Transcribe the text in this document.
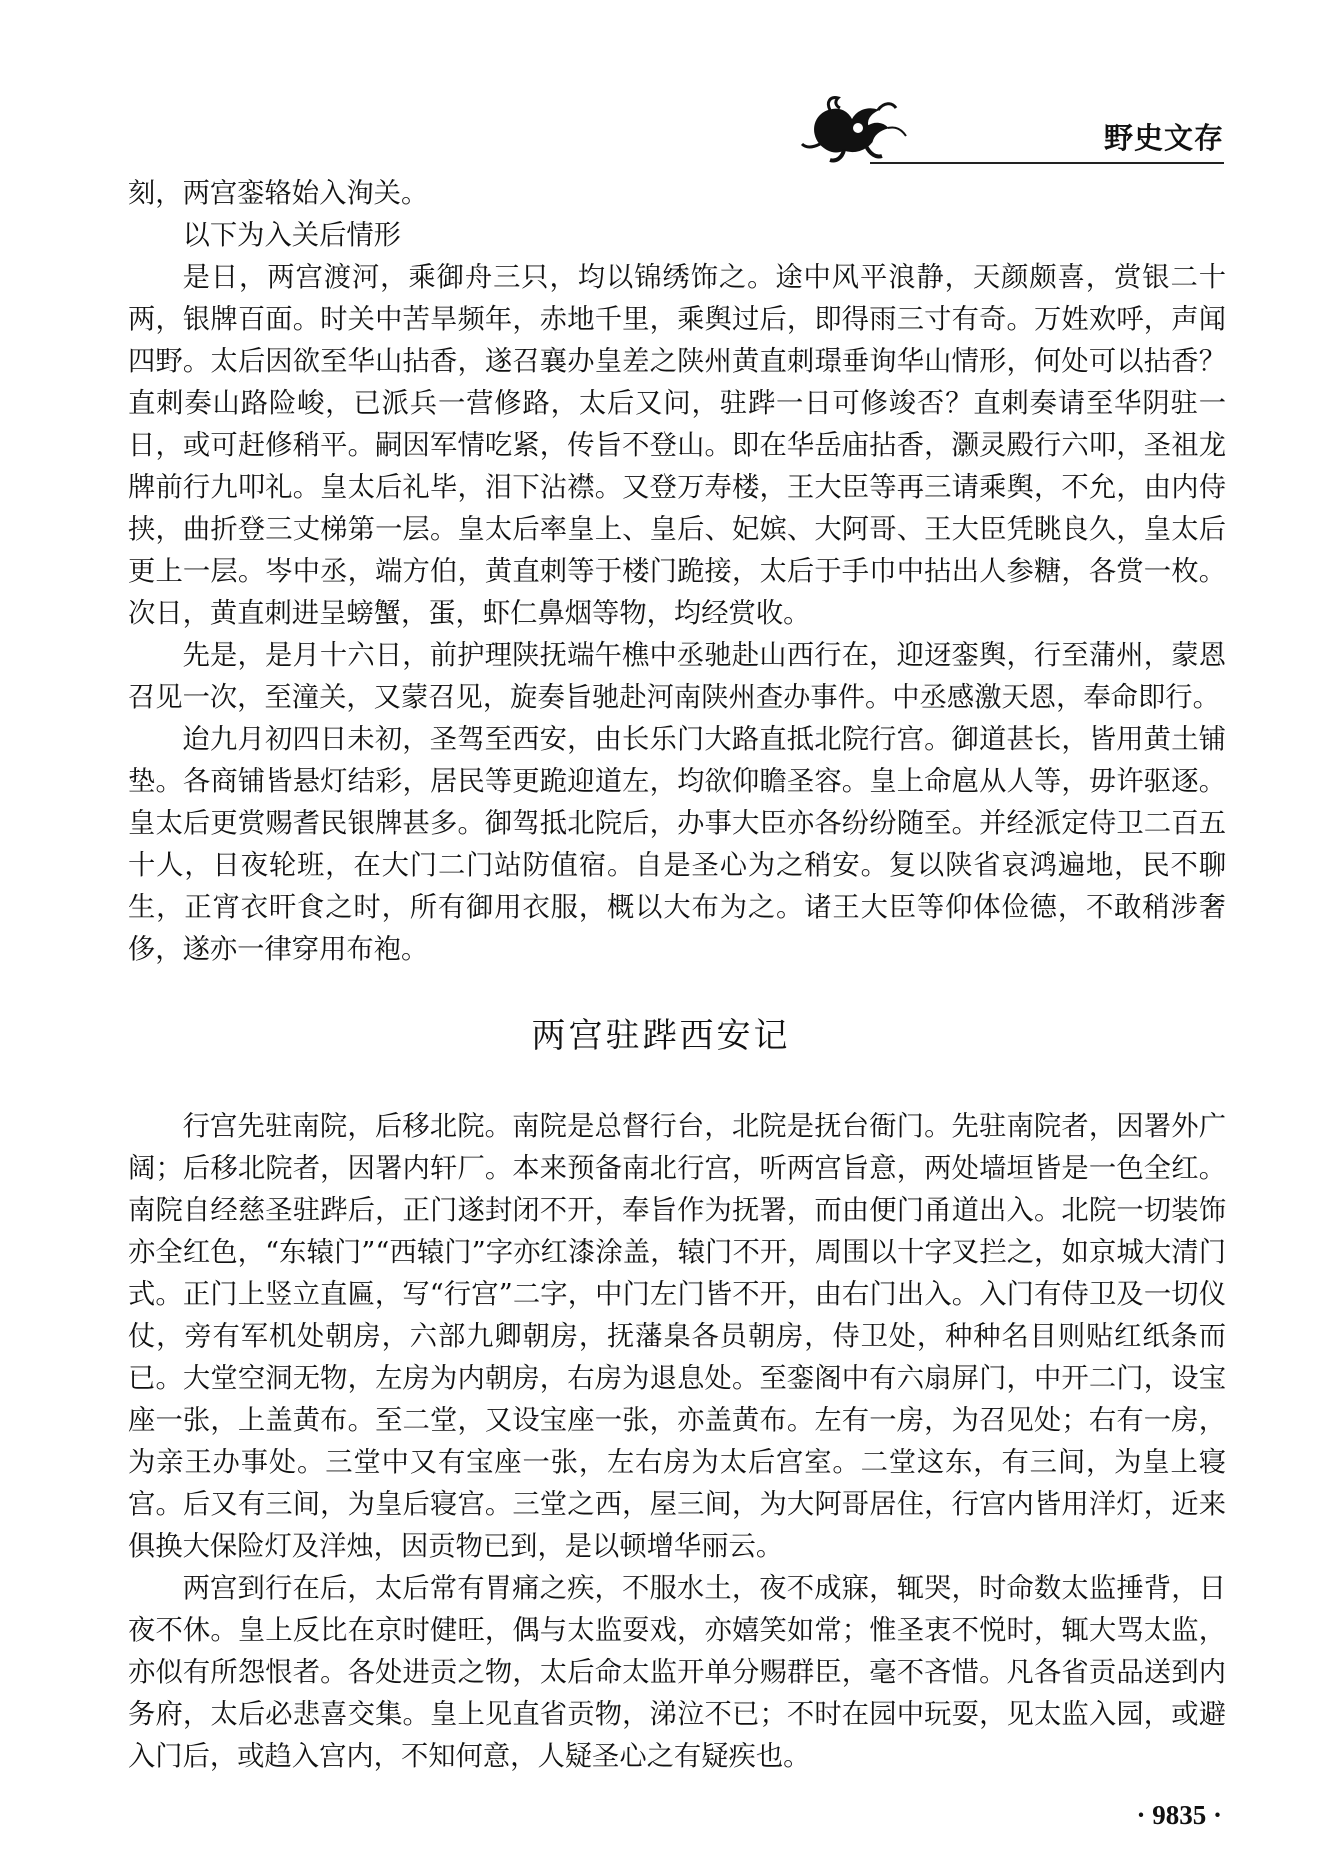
野史文存

刻，两宫銮辂始入洵关。

以下为入关后情形

是日，两宫渡河，乘御舟三只，均以锦绣饰之。途中风平浪静，天颜颇喜，赏银二十两，银牌百面。时关中苦旱频年，赤地千里，乘舆过后，即得雨三寸有奇。万姓欢呼，声闻四野。太后因欲至华山拈香，遂召襄办皇差之陕州黄直刺璟垂询华山情形，何处可以拈香？直刺奏山路险峻，已派兵一营修路，太后又问，驻跸一日可修竣否？直刺奏请至华阴驻一日，或可赶修稍平。嗣因军情吃紧，传旨不登山。即在华岳庙拈香，灏灵殿行六叩，圣祖龙牌前行九叩礼。皇太后礼毕，泪下沾襟。又登万寿楼，王大臣等再三请乘舆，不允，由内侍挟，曲折登三丈梯第一层。皇太后率皇上、皇后、妃嫔、大阿哥、王大臣凭眺良久，皇太后更上一层。岑中丞，端方伯，黄直刺等于楼门跪接，太后于手巾中拈出人参糖，各赏一枚。次日，黄直刺进呈螃蟹，蛋，虾仁鼻烟等物，均经赏收。

先是，是月十六日，前护理陕抚端午樵中丞驰赴山西行在，迎迓銮舆，行至蒲州，蒙恩召见一次，至潼关，又蒙召见，旋奏旨驰赴河南陕州查办事件。中丞感激天恩，奉命即行。

迨九月初四日未初，圣驾至西安，由长乐门大路直抵北院行宫。御道甚长，皆用黄土铺垫。各商铺皆悬灯结彩，居民等更跪迎道左，均欲仰瞻圣容。皇上命扈从人等，毋许驱逐。皇太后更赏赐耆民银牌甚多。御驾抵北院后，办事大臣亦各纷纷随至。并经派定侍卫二百五十人，日夜轮班，在大门二门站防值宿。自是圣心为之稍安。复以陕省哀鸿遍地，民不聊生，正宵衣旰食之时，所有御用衣服，概以大布为之。诸王大臣等仰体俭德，不敢稍涉奢侈，遂亦一律穿用布袍。

两宫驻跸西安记

行宫先驻南院，后移北院。南院是总督行台，北院是抚台衙门。先驻南院者，因署外广阔；后移北院者，因署内轩厂。本来预备南北行宫，听两宫旨意，两处墙垣皆是一色全红。南院自经慈圣驻跸后，正门遂封闭不开，奉旨作为抚署，而由便门甬道出入。北院一切装饰亦全红色，“东辕门”“西辕门”字亦红漆涂盖，辕门不开，周围以十字叉拦之，如京城大清门式。正门上竖立直匾，写“行宫”二字，中门左门皆不开，由右门出入。入门有侍卫及一切仪仗，旁有军机处朝房，六部九卿朝房，抚藩臬各员朝房，侍卫处，种种名目则贴红纸条而已。大堂空洞无物，左房为内朝房，右房为退息处。至銮阁中有六扇屏门，中开二门，设宝座一张，上盖黄布。至二堂，又设宝座一张，亦盖黄布。左有一房，为召见处；右有一房，为亲王办事处。三堂中又有宝座一张，左右房为太后宫室。二堂这东，有三间，为皇上寝宫。后又有三间，为皇后寝宫。三堂之西，屋三间，为大阿哥居住，行宫内皆用洋灯，近来俱换大保险灯及洋烛，因贡物已到，是以顿增华丽云。

两宫到行在后，太后常有胃痛之疾，不服水土，夜不成寐，辄哭，时命数太监捶背，日夜不休。皇上反比在京时健旺，偶与太监耍戏，亦嬉笑如常；惟圣衷不悦时，辄大骂太监，亦似有所怨恨者。各处进贡之物，太后命太监开单分赐群臣，毫不吝惜。凡各省贡品送到内务府，太后必悲喜交集。皇上见直省贡物，涕泣不已；不时在园中玩耍，见太监入园，或避入门后，或趋入宫内，不知何意，人疑圣心之有疑疾也。

· 9835 ·
